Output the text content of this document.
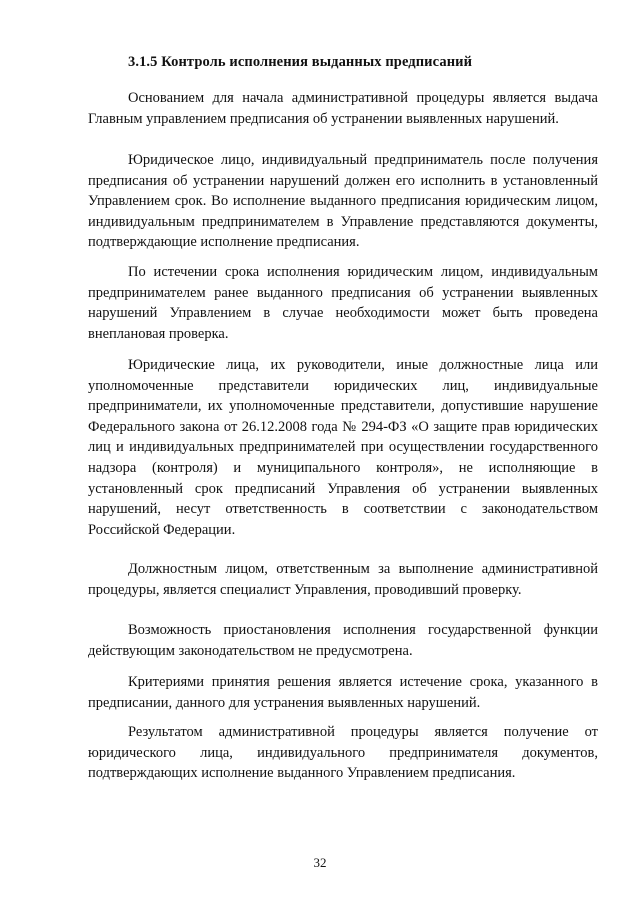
3.1.5 Контроль исполнения выданных предписаний

Основанием для начала административной процедуры является выдача Главным управлением предписания об устранении выявленных нарушений.

Юридическое лицо, индивидуальный предприниматель после получения предписания об устранении нарушений должен его исполнить в установленный Управлением срок. Во исполнение выданного предписания юридическим лицом, индивидуальным предпринимателем в Управление представляются документы, подтверждающие исполнение предписания.

По истечении срока исполнения юридическим лицом, индивидуальным предпринимателем ранее выданного предписания об устранении выявленных нарушений Управлением в случае необходимости может быть проведена внеплановая проверка.

Юридические лица, их руководители, иные должностные лица или уполномоченные представители юридических лиц, индивидуальные предприниматели, их уполномоченные представители, допустившие нарушение Федерального закона от 26.12.2008 года № 294-ФЗ «О защите прав юридических лиц и индивидуальных предпринимателей при осуществлении государственного надзора (контроля) и муниципального контроля», не исполняющие в установленный срок предписаний Управления об устранении выявленных нарушений, несут ответственность в соответствии с законодательством Российской Федерации.

Должностным лицом, ответственным за выполнение административной процедуры, является специалист Управления, проводивший проверку.

Возможность приостановления исполнения государственной функции действующим законодательством не предусмотрена.

Критериями принятия решения является истечение срока, указанного в предписании, данного для устранения выявленных нарушений.

Результатом административной процедуры является получение от юридического лица, индивидуального предпринимателя документов, подтверждающих исполнение выданного Управлением предписания.

32
